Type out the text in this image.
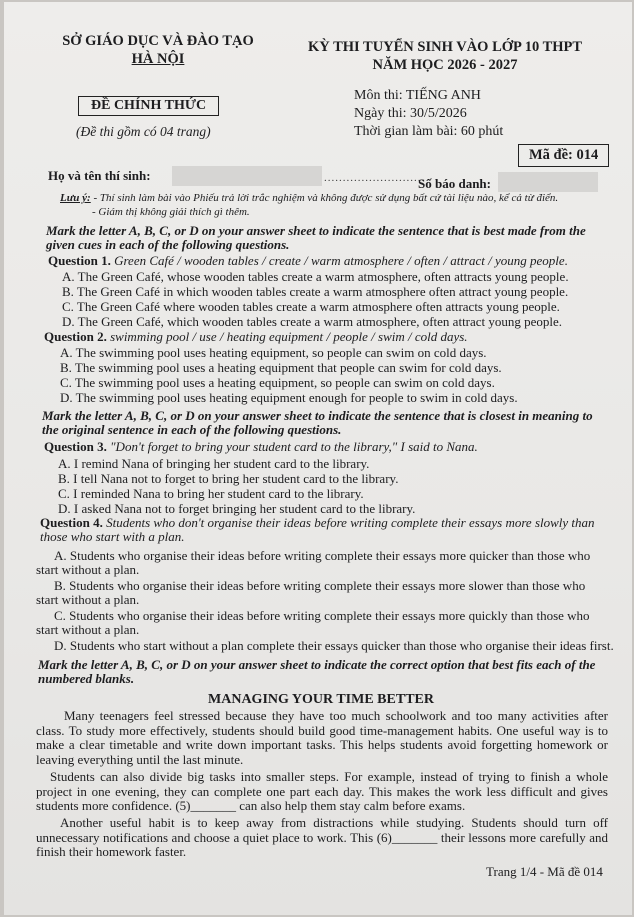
SỞ GIÁO DỤC VÀ ĐÀO TẠO
HÀ NỘI
KỲ THI TUYỂN SINH VÀO LỚP 10 THPT
NĂM HỌC 2026 - 2027
ĐỀ CHÍNH THỨC
(Đề thi gồm có 04 trang)
Môn thi: TIẾNG ANH
Ngày thi: 30/5/2026
Thời gian làm bài: 60 phút
Mã đề: 014
Họ và tên thí sinh:	...........................
Số báo danh:
Lưu ý: - Thí sinh làm bài vào Phiếu trả lời trắc nghiệm và không được sử dụng bất cứ tài liệu nào, kể cả từ điển.
- Giám thị không giải thích gì thêm.
Mark the letter A, B, C, or D on your answer sheet to indicate the sentence that is best made from the given cues in each of the following questions.
Question 1. Green Café / wooden tables / create / warm atmosphere / often / attract / young people.
A. The Green Café, whose wooden tables create a warm atmosphere, often attracts young people.
B. The Green Café in which wooden tables create a warm atmosphere often attract young people.
C. The Green Café where wooden tables create a warm atmosphere often attracts young people.
D. The Green Café, which wooden tables create a warm atmosphere, often attract young people.
Question 2. swimming pool / use / heating equipment / people / swim / cold days.
A. The swimming pool uses heating equipment, so people can swim on cold days.
B. The swimming pool uses a heating equipment that people can swim for cold days.
C. The swimming pool uses a heating equipment, so people can swim on cold days.
D. The swimming pool uses heating equipment enough for people to swim in cold days.
Mark the letter A, B, C, or D on your answer sheet to indicate the sentence that is closest in meaning to the original sentence in each of the following questions.
Question 3. "Don't forget to bring your student card to the library," I said to Nana.
A. I remind Nana of bringing her student card to the library.
B. I tell Nana not to forget to bring her student card to the library.
C. I reminded Nana to bring her student card to the library.
D. I asked Nana not to forget bringing her student card to the library.
Question 4. Students who don't organise their ideas before writing complete their essays more slowly than
those who start with a plan.
A. Students who organise their ideas before writing complete their essays more quicker than those who
start without a plan.
B. Students who organise their ideas before writing complete their essays more slower than those who
start without a plan.
C. Students who organise their ideas before writing complete their essays more quickly than those who
start without a plan.
D. Students who start without a plan complete their essays quicker than those who organise their ideas first.
Mark the letter A, B, C, or D on your answer sheet to indicate the correct option that best fits each of the numbered blanks.
MANAGING YOUR TIME BETTER
Many teenagers feel stressed because they have too much schoolwork and too many activities after class. To study more effectively, students should build good time-management habits. One useful way is to make a clear timetable and write down important tasks. This helps students avoid forgetting homework or leaving everything until the last minute.
Students can also divide big tasks into smaller steps. For example, instead of trying to finish a whole project in one evening, they can complete one part each day. This makes the work less difficult and gives students more confidence. (5)_______ can also help them stay calm before exams.
Another useful habit is to keep away from distractions while studying. Students should turn off unnecessary notifications and choose a quiet place to work. This (6)_______ their lessons more carefully and finish their homework faster.
Trang 1/4 - Mã đề 014
